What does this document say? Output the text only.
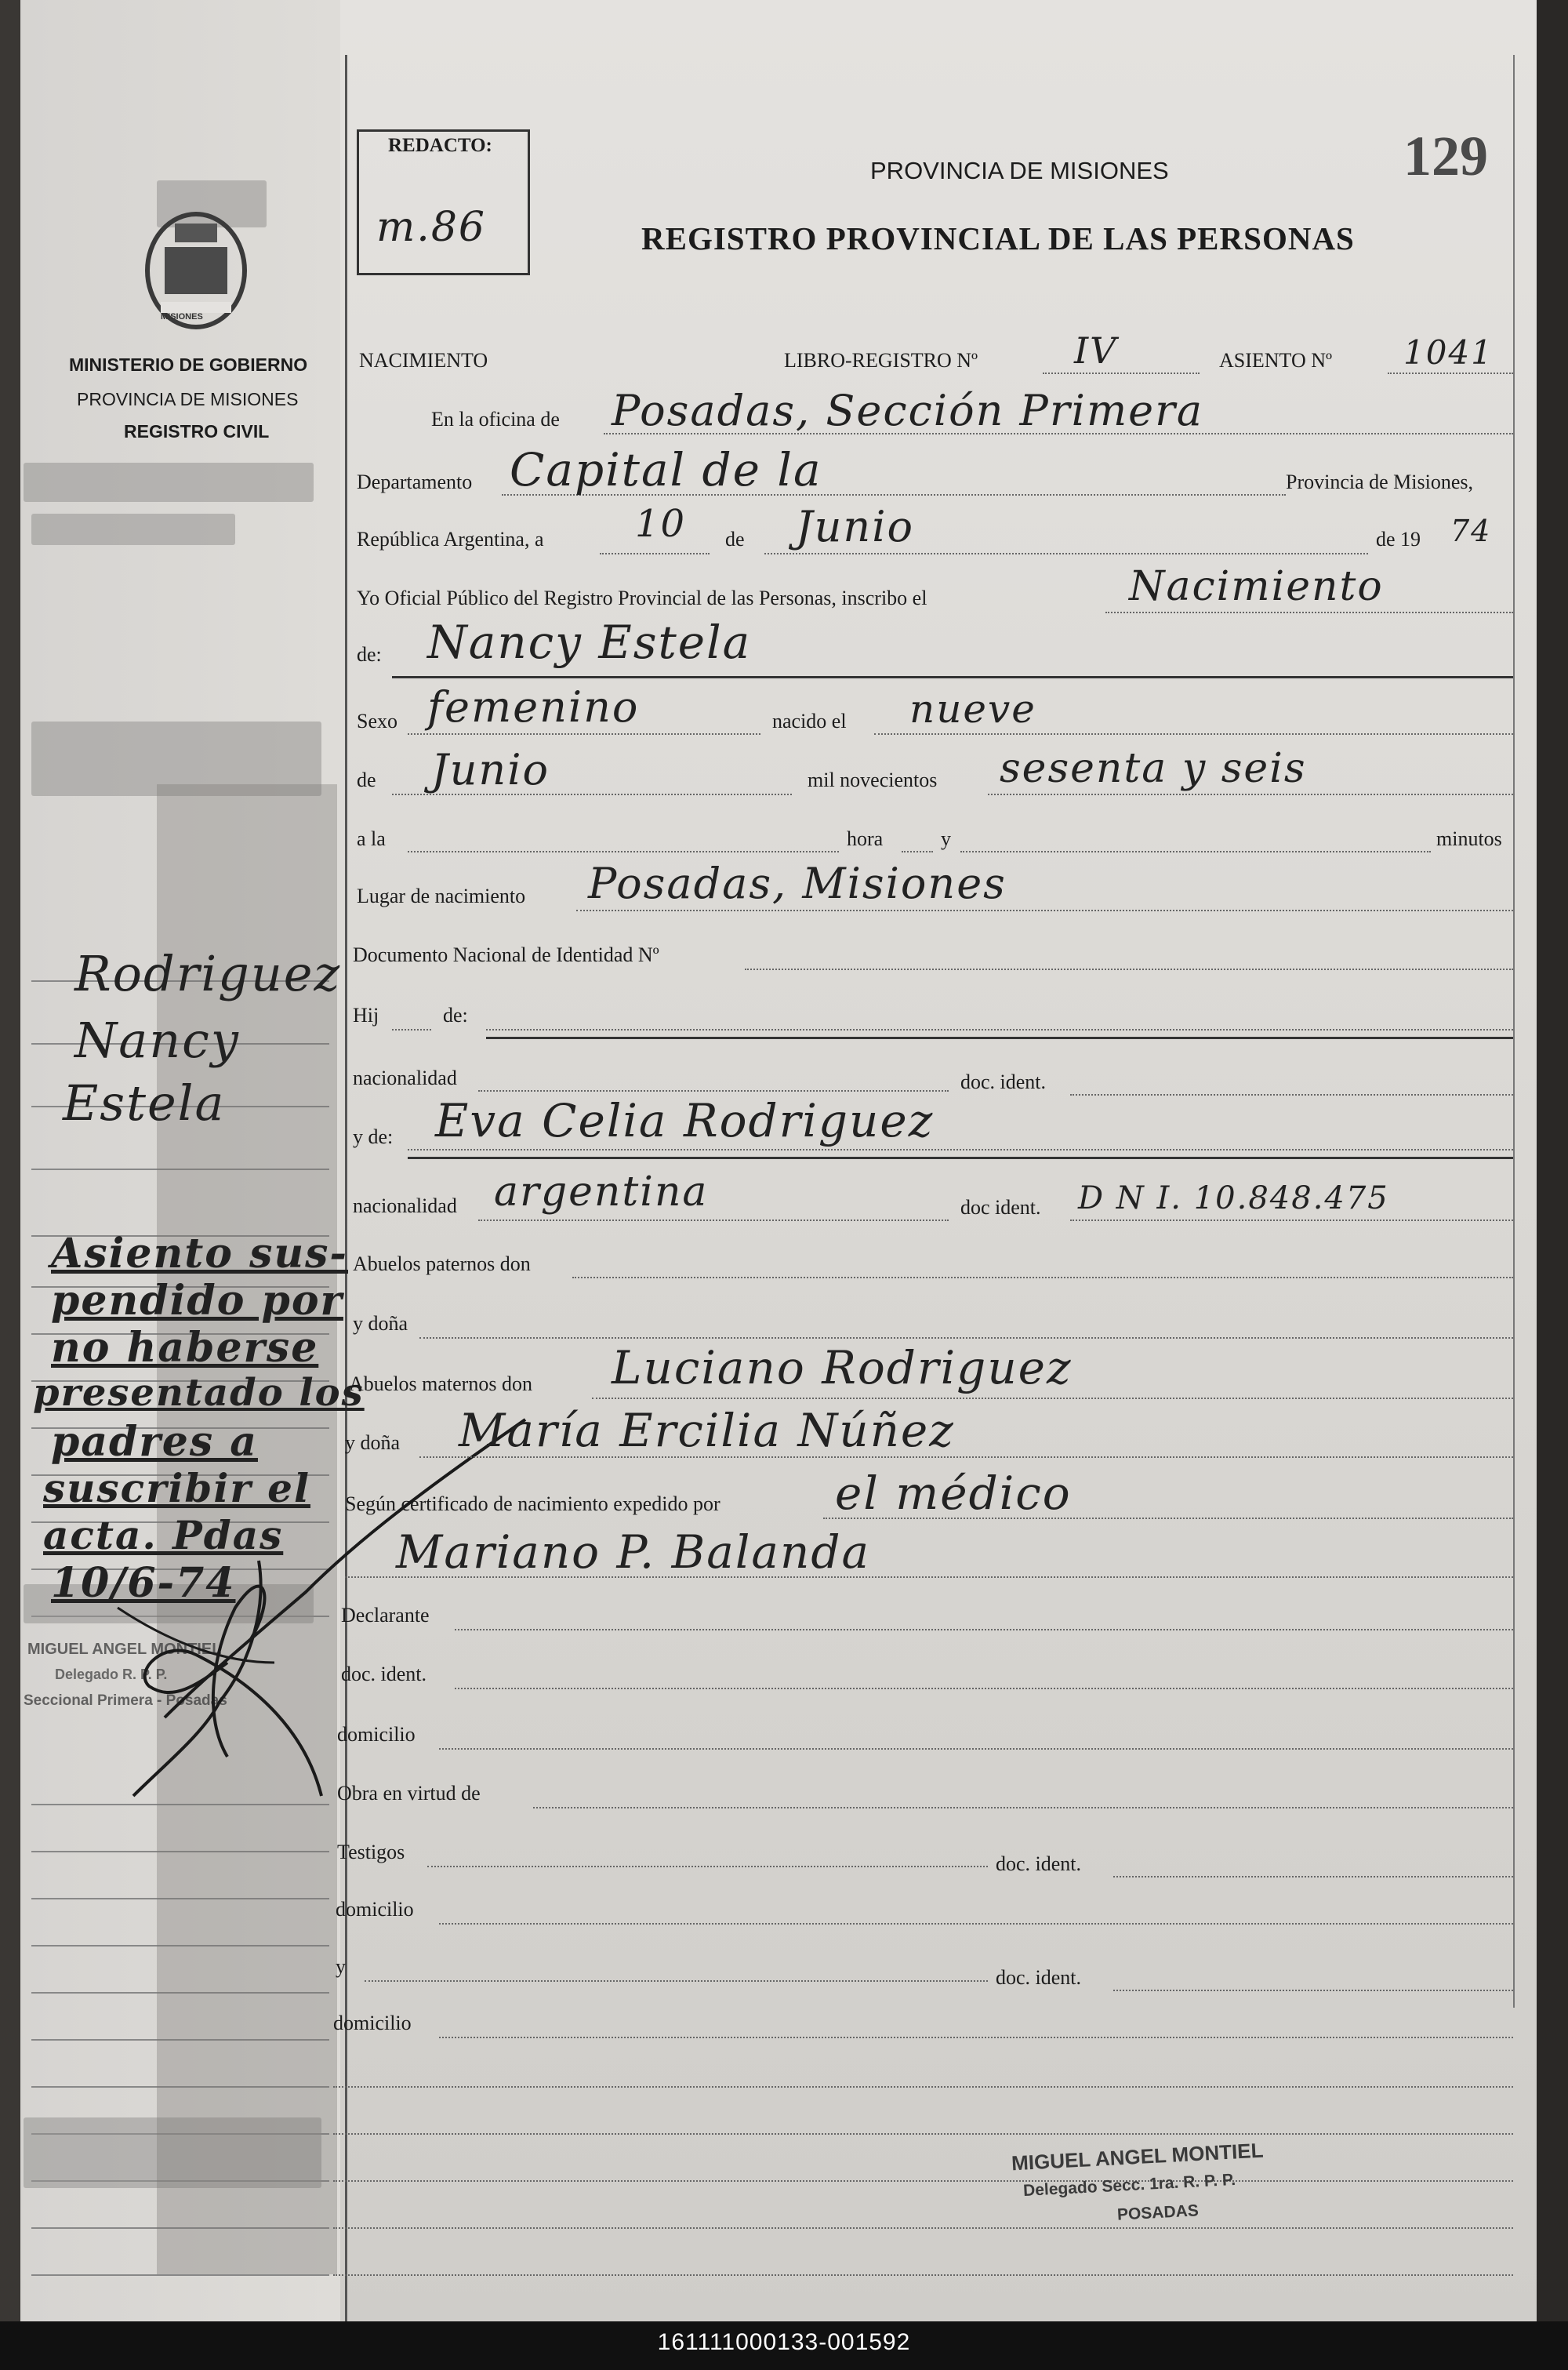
MISIONES
MINISTERIO DE GOBIERNO
PROVINCIA DE MISIONES
REGISTRO CIVIL
Rodriguez
Nancy
Estela
Asiento sus-
pendido por
no haberse
presentado los
padres a
suscribir el
acta. Pdas
10/6-74
MIGUEL ANGEL MONTIEL
Delegado R. P. P.
Seccional Primera - Posadas
REDACTO:
m.86
PROVINCIA DE MISIONES
REGISTRO PROVINCIAL DE LAS PERSONAS
129
NACIMIENTO	LIBRO-REGISTRO Nº	IV	ASIENTO Nº 1041
En la oficina de Posadas, Sección Primera
Departamento Capital de la	Provincia de Misiones,
República Argentina, a 10 de Junio	de 19 74
Yo Oficial Público del Registro Provincial de las Personas, inscribo el	Nacimiento
de: Nancy Estela
Sexo femenino	nacido el nueve
de Junio	mil novecientos sesenta y seis
a la	hora	y	minutos
Lugar de nacimiento Posadas, Misiones
Documento Nacional de Identidad Nº
Hij	de:
nacionalidad	doc. ident.
y de: Eva Celia Rodriguez
nacionalidad argentina	doc ident. D N I. 10.848.475
Abuelos paternos don
y doña
Abuelos maternos don Luciano Rodriguez
y doña María Ercilia Núñez
Según certificado de nacimiento expedido por	el médico
Mariano P. Balanda
Declarante
doc. ident.
domicilio
Obra en virtud de
Testigos
doc. ident.
domicilio
y	doc. ident.
domicilio
MIGUEL ANGEL MONTIEL
Delegado Secc. 1ra. R. P. P.
POSADAS
161111000133-001592
